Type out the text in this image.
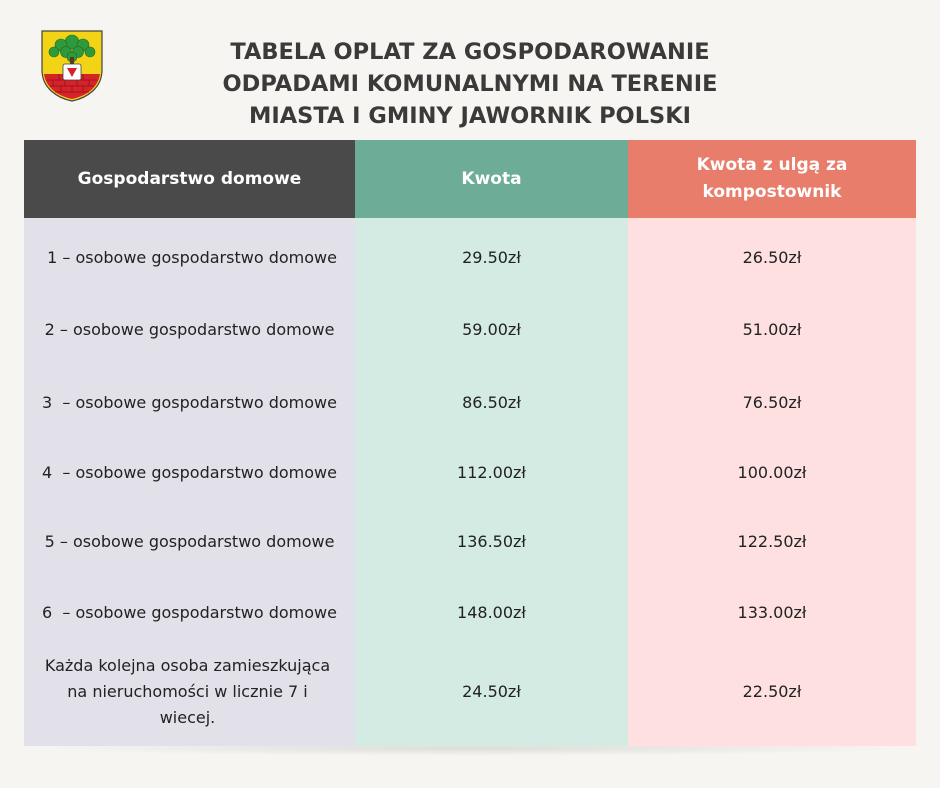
TABELA OPLAT ZA GOSPODAROWANIE
ODPADAMI KOMUNALNYMI NA TERENIE
MIASTA I GMINY JAWORNIK POLSKI
Gospodarstwo domowe
1 – osobowe gospodarstwo domowe
2 – osobowe gospodarstwo domowe
3  – osobowe gospodarstwo domowe
4  – osobowe gospodarstwo domowe
5 – osobowe gospodarstwo domowe
6  – osobowe gospodarstwo domowe
Każda kolejna osoba zamieszkująca na nieruchomości w licznie 7 i wiecej.
Kwota
29.50zł
59.00zł
86.50zł
112.00zł
136.50zł
148.00zł
24.50zł
Kwota z ulgą za kompostownik
26.50zł
51.00zł
76.50zł
100.00zł
122.50zł
133.00zł
22.50zł
